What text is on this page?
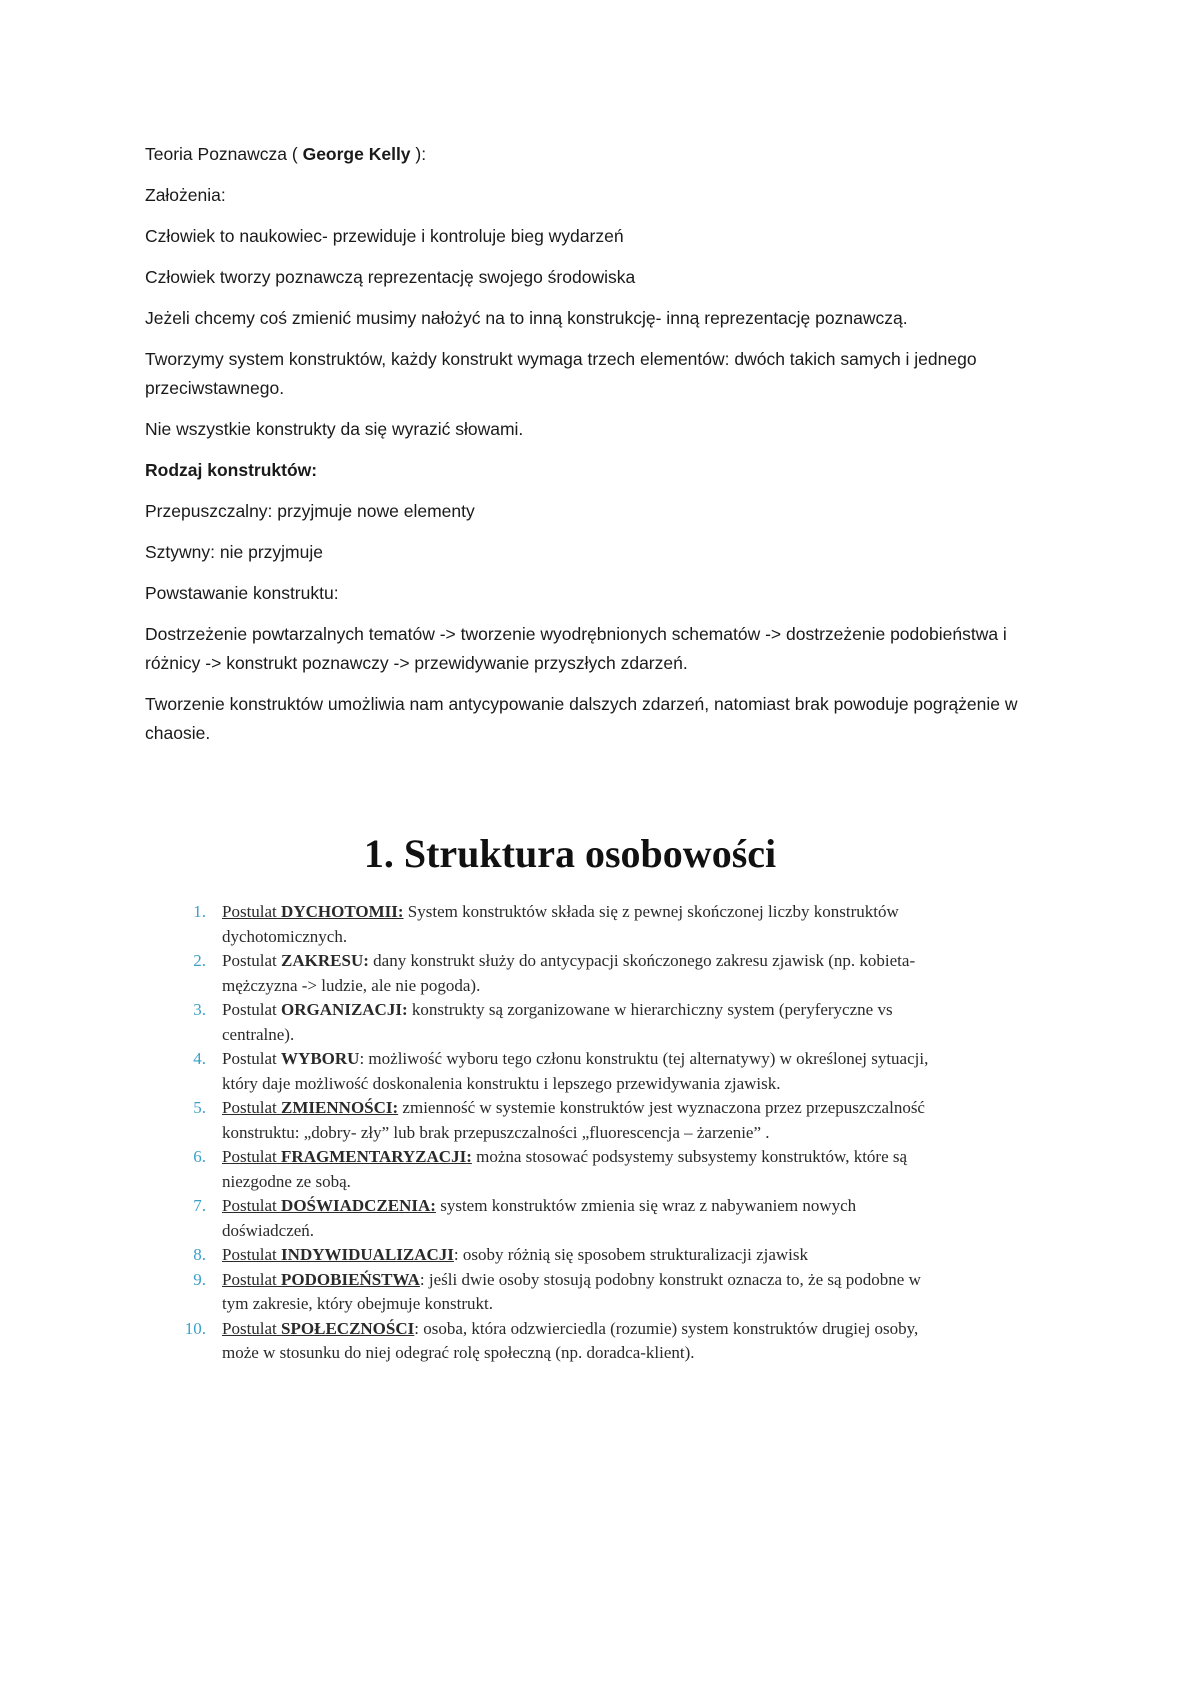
Teoria Poznawcza ( George Kelly ):

Założenia:

Człowiek to naukowiec- przewiduje i kontroluje bieg wydarzeń

Człowiek tworzy poznawczą reprezentację swojego środowiska

Jeżeli chcemy coś zmienić musimy nałożyć na to inną konstrukcję- inną reprezentację poznawczą.

Tworzymy system konstruktów, każdy konstrukt wymaga trzech elementów: dwóch takich samych i jednego przeciwstawnego.

Nie wszystkie konstrukty da się wyrazić słowami.

Rodzaj konstruktów:

Przepuszczalny: przyjmuje nowe elementy

Sztywny: nie przyjmuje

Powstawanie konstruktu:

Dostrzeżenie powtarzalnych tematów -> tworzenie wyodrębnionych schematów -> dostrzeżenie podobieństwa i różnicy -> konstrukt poznawczy -> przewidywanie przyszłych zdarzeń.

Tworzenie konstruktów umożliwia nam antycypowanie dalszych zdarzeń, natomiast brak powoduje pogrążenie w chaosie.

1. Struktura osobowości
1. Postulat DYCHOTOMII: System konstruktów składa się z pewnej skończonej liczby konstruktów dychotomicznych.
2. Postulat ZAKRESU: dany konstrukt służy do antycypacji skończonego zakresu zjawisk (np. kobieta-mężczyzna -> ludzie, ale nie pogoda).
3. Postulat ORGANIZACJI: konstrukty są zorganizowane w hierarchiczny system (peryferyczne vs centralne).
4. Postulat WYBORU: możliwość wyboru tego członu konstruktu (tej alternatywy) w określonej sytuacji, który daje możliwość doskonalenia konstruktu i lepszego przewidywania zjawisk.
5. Postulat ZMIENNOŚCI: zmienność w systemie konstruktów jest wyznaczona przez przepuszczalność konstruktu: „dobry- zły” lub brak przepuszczalności „fluorescencja – żarzenie” .
6. Postulat FRAGMENTARYZACJI: można stosować podsystemy subsystemy konstruktów, które są niezgodne ze sobą.
7. Postulat DOŚWIADCZENIA: system konstruktów zmienia się wraz z nabywaniem nowych doświadczeń.
8. Postulat INDYWIDUALIZACJI: osoby różnią się sposobem strukturalizacji zjawisk
9. Postulat PODOBIEŃSTWA: jeśli dwie osoby stosują podobny konstrukt oznacza to, że są podobne w tym zakresie, który obejmuje konstrukt.
10. Postulat SPOŁECZNOŚCI: osoba, która odzwierciedla (rozumie) system konstruktów drugiej osoby, może w stosunku do niej odegrać rolę społeczną (np. doradca-klient).
